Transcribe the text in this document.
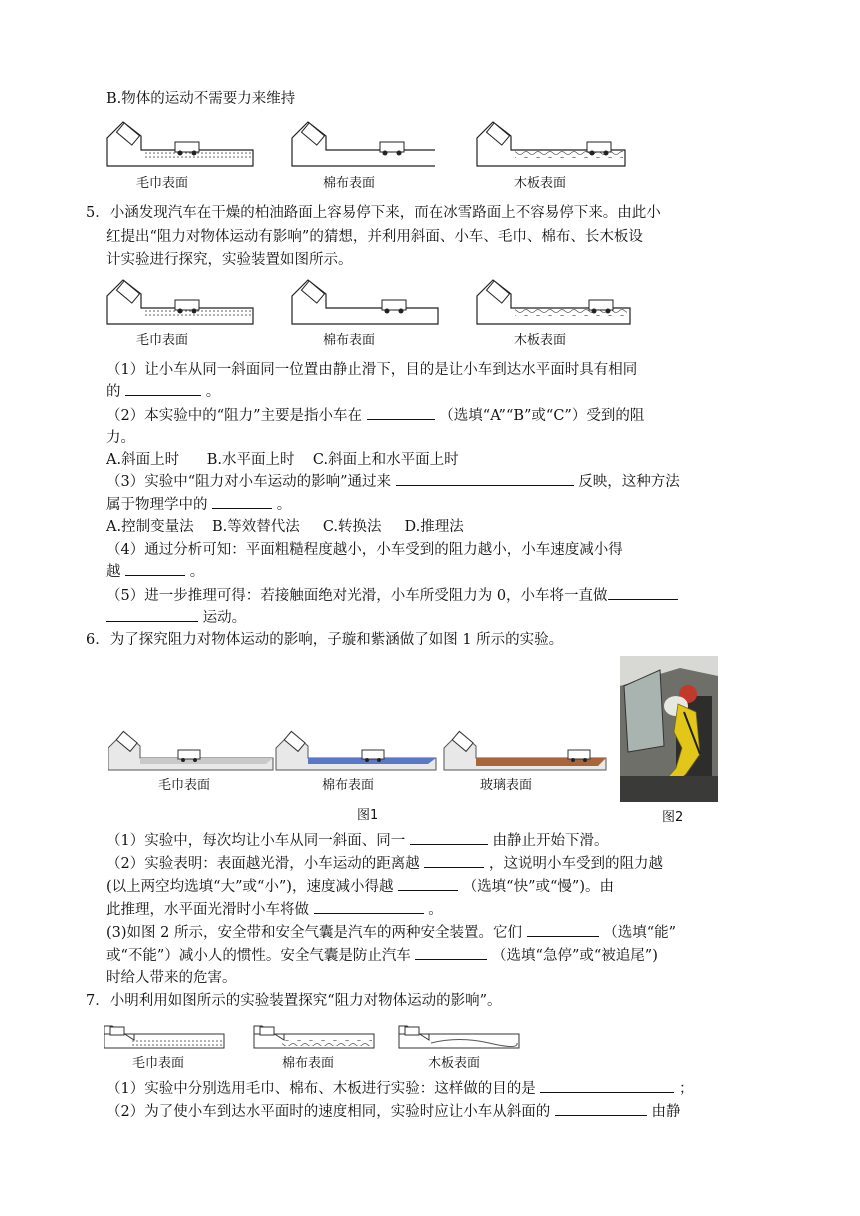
B.物体的运动不需要力来维持
毛巾表面	棉布表面	木板表面
5．小涵发现汽车在干燥的柏油路面上容易停下来，而在冰雪路面上不容易停下来。由此小
红提出“阻力对物体运动有影响”的猜想，并利用斜面、小车、毛巾、棉布、长木板设
计实验进行探究，实验装置如图所示。
毛巾表面	棉布表面	木板表面
（1）让小车从同一斜面同一位置由静止滑下，目的是让小车到达水平面时具有相同
的	。
（2）本实验中的“阻力”主要是指小车在	（选填“A”“B”或“C”）受到的阻
力。
A.斜面上时      B.水平面上时    C.斜面上和水平面上时
（3）实验中“阻力对小车运动的影响”通过来	反映，这种方法
属于物理学中的	。
A.控制变量法    B.等效替代法     C.转换法     D.推理法
（4）通过分析可知：平面粗糙程度越小，小车受到的阻力越小，小车速度减小得
越	。
（5）进一步推理可得：若接触面绝对光滑，小车所受阻力为 0，小车将一直做
运动。
6．为了探究阻力对物体运动的影响，子璇和紫涵做了如图 1 所示的实验。
毛巾表面	棉布表面	玻璃表面
图1	图2
（1）实验中，每次均让小车从同一斜面、同一	由静止开始下滑。
（2）实验表明：表面越光滑，小车运动的距离越	，这说明小车受到的阻力越
(以上两空均选填“大”或“小”)，速度减小得越	（选填“快”或“慢”)。由
此推理，水平面光滑时小车将做	。
(3)如图 2 所示，安全带和安全气囊是汽车的两种安全装置。它们	（选填“能”
或“不能”）减小人的惯性。安全气囊是防止汽车	（选填“急停”或“被追尾”)
时给人带来的危害。
7．小明利用如图所示的实验装置探究“阻力对物体运动的影响”。
毛巾表面	棉布表面	木板表面
（1）实验中分别选用毛巾、棉布、木板进行实验：这样做的目的是	；
（2）为了使小车到达水平面时的速度相同，实验时应让小车从斜面的	由静
